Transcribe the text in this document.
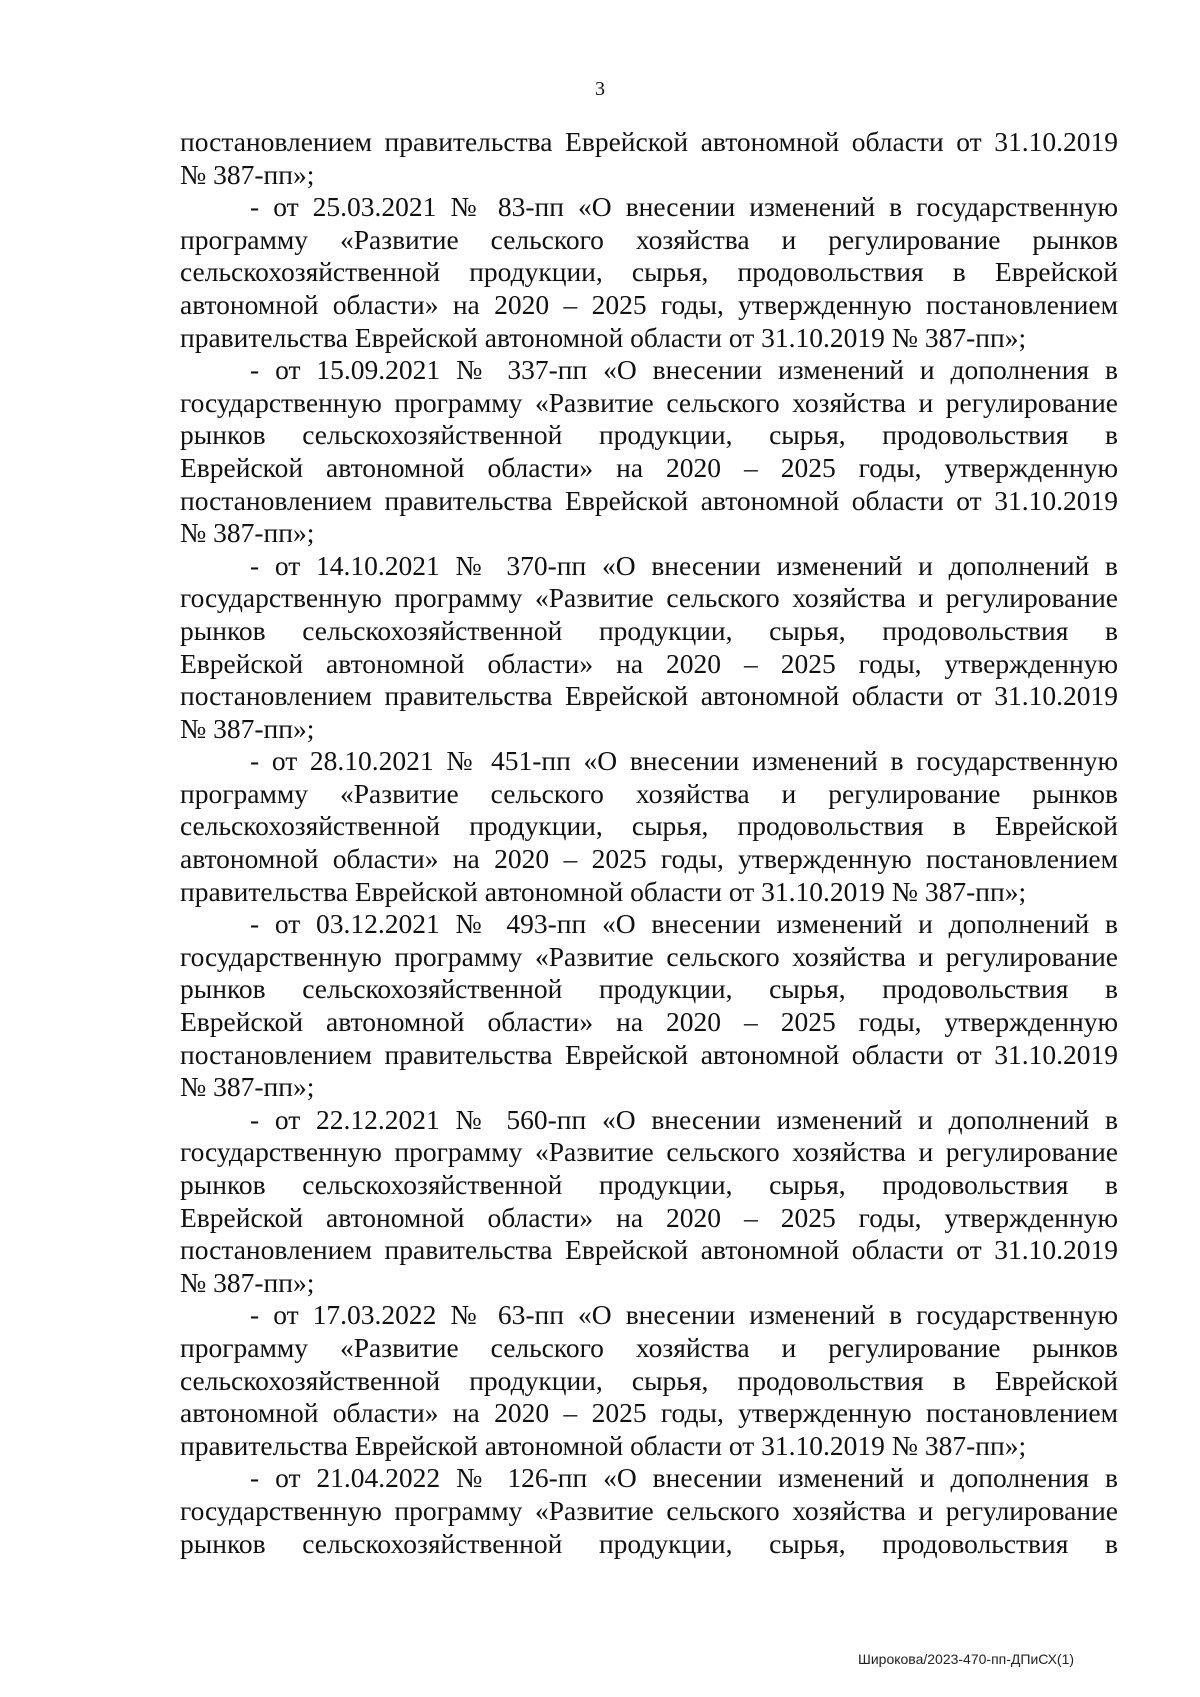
3
постановлением правительства Еврейской автономной области от 31.10.2019
№ 387-пп»;
- от 25.03.2021 № 83-пп «О внесении изменений в государственную
программу «Развитие сельского хозяйства и регулирование рынков
сельскохозяйственной продукции, сырья, продовольствия в Еврейской
автономной области» на 2020 – 2025 годы, утвержденную постановлением
правительства Еврейской автономной области от 31.10.2019 № 387-пп»;
- от 15.09.2021 № 337-пп «О внесении изменений и дополнения в
государственную программу «Развитие сельского хозяйства и регулирование
рынков сельскохозяйственной продукции, сырья, продовольствия в
Еврейской автономной области» на 2020 – 2025 годы, утвержденную
постановлением правительства Еврейской автономной области от 31.10.2019
№ 387-пп»;
- от 14.10.2021 № 370-пп «О внесении изменений и дополнений в
государственную программу «Развитие сельского хозяйства и регулирование
рынков сельскохозяйственной продукции, сырья, продовольствия в
Еврейской автономной области» на 2020 – 2025 годы, утвержденную
постановлением правительства Еврейской автономной области от 31.10.2019
№ 387-пп»;
- от 28.10.2021 № 451-пп «О внесении изменений в государственную
программу «Развитие сельского хозяйства и регулирование рынков
сельскохозяйственной продукции, сырья, продовольствия в Еврейской
автономной области» на 2020 – 2025 годы, утвержденную постановлением
правительства Еврейской автономной области от 31.10.2019 № 387-пп»;
- от 03.12.2021 № 493-пп «О внесении изменений и дополнений в
государственную программу «Развитие сельского хозяйства и регулирование
рынков сельскохозяйственной продукции, сырья, продовольствия в
Еврейской автономной области» на 2020 – 2025 годы, утвержденную
постановлением правительства Еврейской автономной области от 31.10.2019
№ 387-пп»;
- от 22.12.2021 № 560-пп «О внесении изменений и дополнений в
государственную программу «Развитие сельского хозяйства и регулирование
рынков сельскохозяйственной продукции, сырья, продовольствия в
Еврейской автономной области» на 2020 – 2025 годы, утвержденную
постановлением правительства Еврейской автономной области от 31.10.2019
№ 387-пп»;
- от 17.03.2022 № 63-пп «О внесении изменений в государственную
программу «Развитие сельского хозяйства и регулирование рынков
сельскохозяйственной продукции, сырья, продовольствия в Еврейской
автономной области» на 2020 – 2025 годы, утвержденную постановлением
правительства Еврейской автономной области от 31.10.2019 № 387-пп»;
- от 21.04.2022 № 126-пп «О внесении изменений и дополнения в
государственную программу «Развитие сельского хозяйства и регулирование
рынков сельскохозяйственной продукции, сырья, продовольствия в
Широкова/2023-470-пп-ДПиСХ(1)
